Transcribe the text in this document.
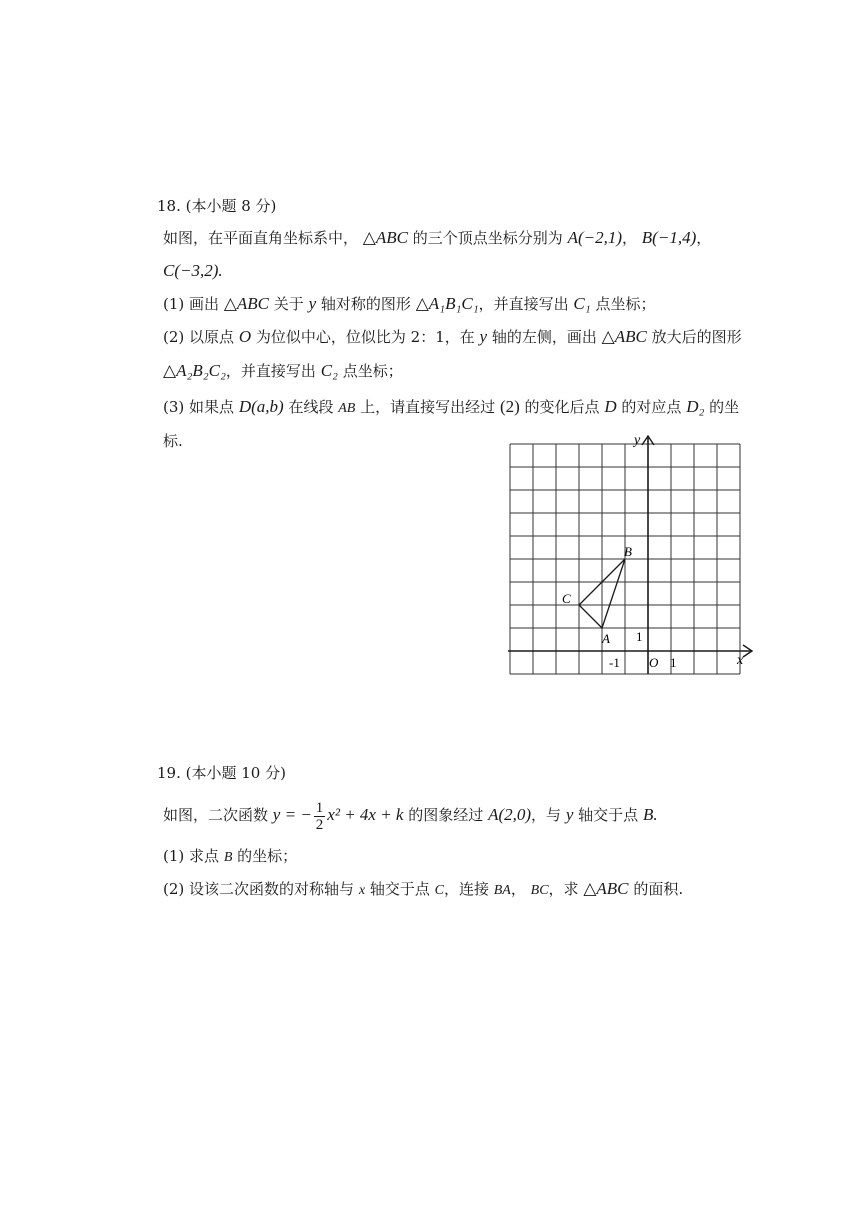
18. (本小题 8 分)
如图，在平面直角坐标系中， △ABC 的三个顶点坐标分别为 A(−2,1)， B(−1,4)，
C(−3,2).
(1) 画出 △ABC 关于 y 轴对称的图形 △A₁B₁C₁，并直接写出 C₁ 点坐标；
(2) 以原点 O 为位似中心，位似比为 2：1，在 y 轴的左侧，画出 △ABC 放大后的图形
△A₂B₂C₂，并直接写出 C₂ 点坐标；
(3) 如果点 D(a,b) 在线段 AB 上，请直接写出经过 (2) 的变化后点 D 的对应点 D₂ 的坐
标.	y
x
O 1
1
-1
A
B
C
19. (本小题 10 分)
如图，二次函数 y = − $\frac{1}{2} x^2 + 4x + k$ 的图象经过 A(2,0)，与 y 轴交于点 B.
(1) 求点 B 的坐标；
(2) 设该二次函数的对称轴与 x 轴交于点 C，连接 BA， BC，求 △ABC 的面积.
